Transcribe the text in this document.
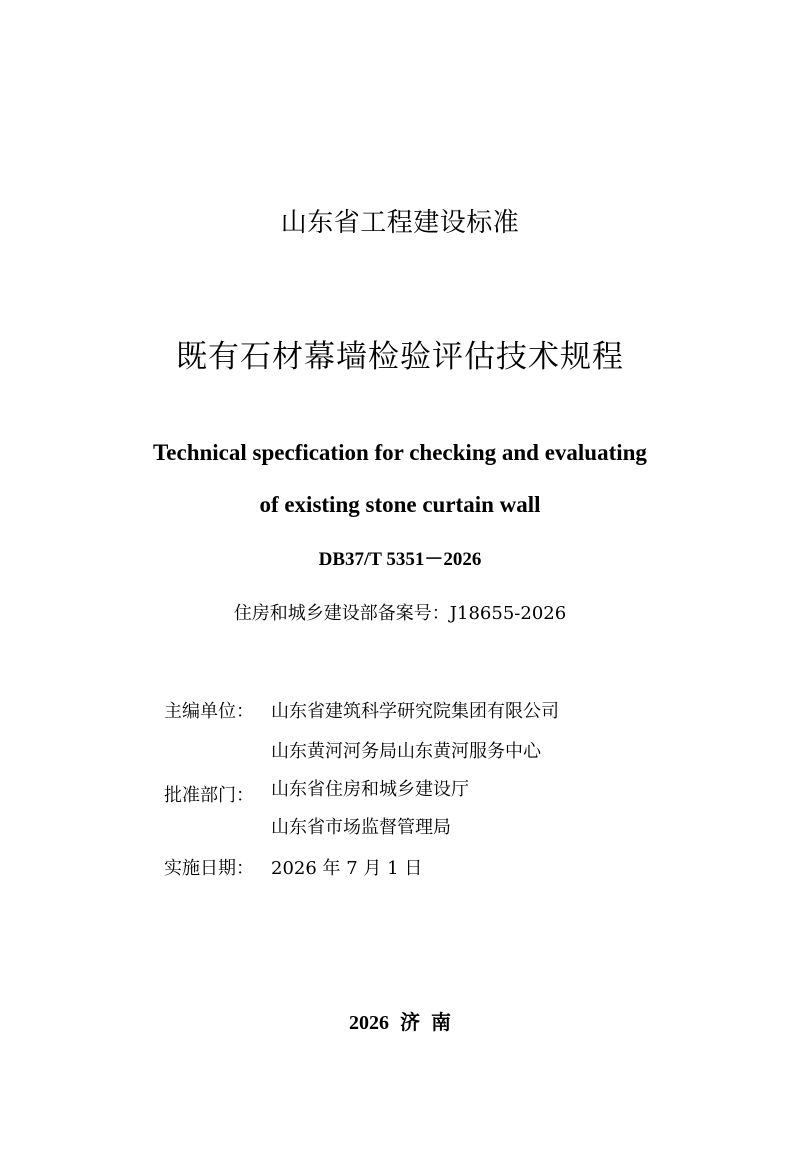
山东省工程建设标准
既有石材幕墙检验评估技术规程
Technical specfication for checking and evaluating
of existing stone curtain wall
DB37/T 5351－2026
住房和城乡建设部备案号：J18655-2026
主编单位： 山东省建筑科学研究院集团有限公司
山东黄河河务局山东黄河服务中心
批准部门： 山东省住房和城乡建设厅
山东省市场监督管理局
实施日期： 2026 年 7 月 1 日
2026 济 南
